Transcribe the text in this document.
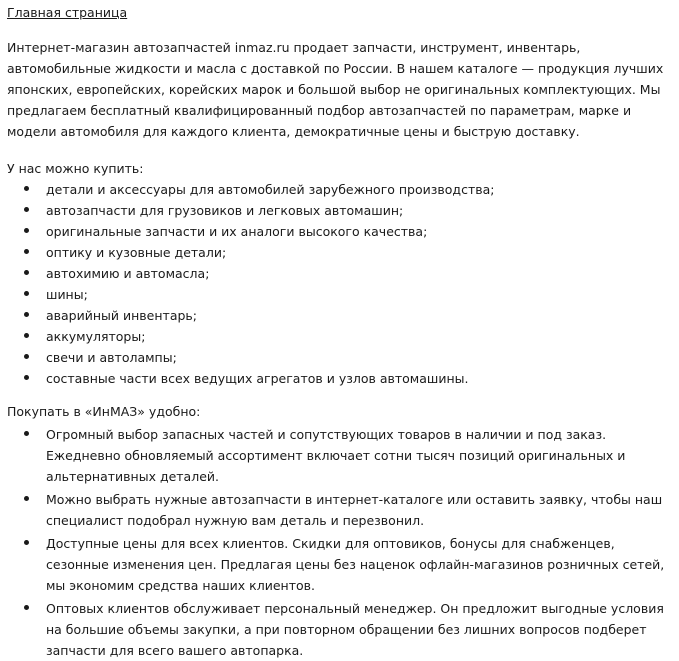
Главная страница

Интернет-магазин автозапчастей inmaz.ru продает запчасти, инструмент, инвентарь, автомобильные жидкости и масла с доставкой по России. В нашем каталоге — продукция лучших японских, европейских, корейских марок и большой выбор не оригинальных комплектующих. Мы предлагаем бесплатный квалифицированный подбор автозапчастей по параметрам, марке и модели автомобиля для каждого клиента, демократичные цены и быструю доставку.

У нас можно купить:

детали и аксессуары для автомобилей зарубежного производства;
автозапчасти для грузовиков и легковых автомашин;
оригинальные запчасти и их аналоги высокого качества;
оптику и кузовные детали;
автохимию и автомасла;
шины;
аварийный инвентарь;
аккумуляторы;
свечи и автолампы;
составные части всех ведущих агрегатов и узлов автомашины.

Покупать в «ИнМАЗ» удобно:

Огромный выбор запасных частей и сопутствующих товаров в наличии и под заказ. Ежедневно обновляемый ассортимент включает сотни тысяч позиций оригинальных и альтернативных деталей.
Можно выбрать нужные автозапчасти в интернет-каталоге или оставить заявку, чтобы наш специалист подобрал нужную вам деталь и перезвонил.
Доступные цены для всех клиентов. Скидки для оптовиков, бонусы для снабженцев, сезонные изменения цен. Предлагая цены без наценок офлайн-магазинов розничных сетей, мы экономим средства наших клиентов.
Оптовых клиентов обслуживает персональный менеджер. Он предложит выгодные условия на большие объемы закупки, а при повторном обращении без лишних вопросов подберет запчасти для всего вашего автопарка.
